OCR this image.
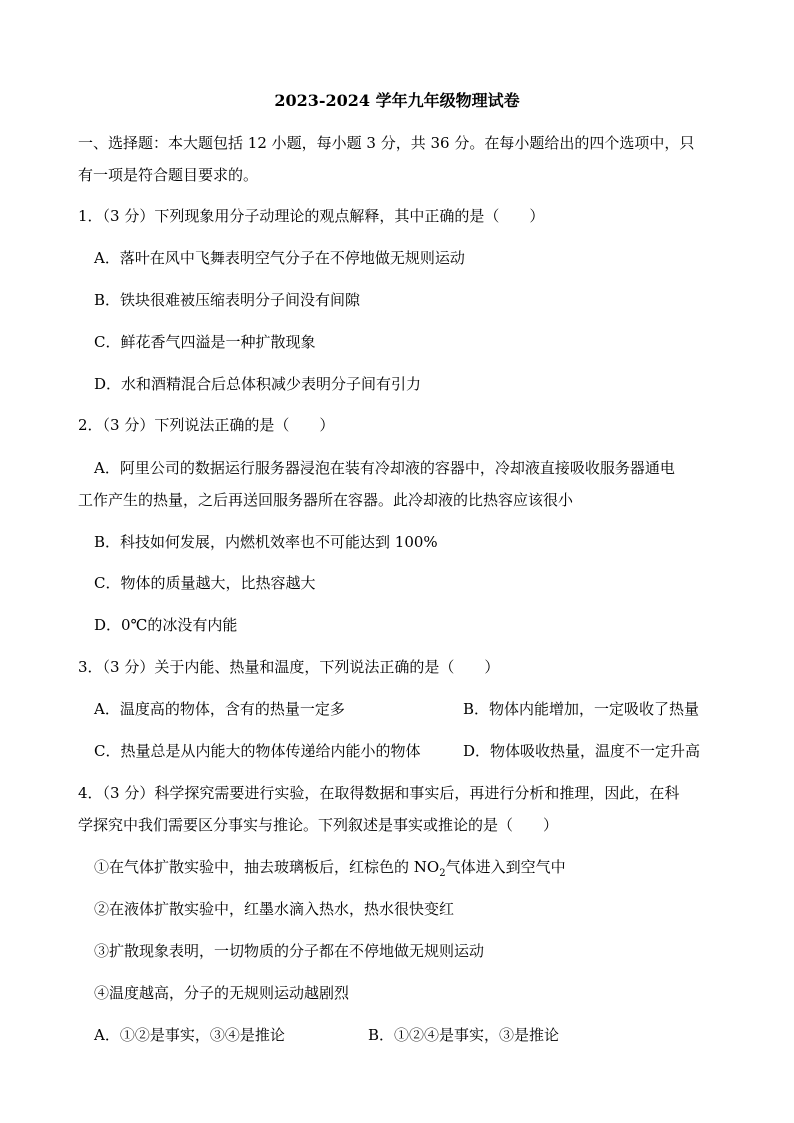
2023-2024 学年九年级物理试卷
一、选择题：本大题包括 12 小题，每小题 3 分，共 36 分。在每小题给出的四个选项中，只
有一项是符合题目要求的。
1．（3 分）下列现象用分子动理论的观点解释，其中正确的是（　　）
A．落叶在风中飞舞表明空气分子在不停地做无规则运动
B．铁块很难被压缩表明分子间没有间隙
C．鲜花香气四溢是一种扩散现象
D．水和酒精混合后总体积减少表明分子间有引力
2．（3 分）下列说法正确的是（　　）
A．阿里公司的数据运行服务器浸泡在装有冷却液的容器中，冷却液直接吸收服务器通电
工作产生的热量，之后再送回服务器所在容器。此冷却液的比热容应该很小
B．科技如何发展，内燃机效率也不可能达到 100%
C．物体的质量越大，比热容越大
D．0℃的冰没有内能
3．（3 分）关于内能、热量和温度，下列说法正确的是（　　）
A．温度高的物体，含有的热量一定多	B．物体内能增加，一定吸收了热量
C．热量总是从内能大的物体传递给内能小的物体	D．物体吸收热量，温度不一定升高
4．（3 分）科学探究需要进行实验，在取得数据和事实后，再进行分析和推理，因此，在科
学探究中我们需要区分事实与推论。下列叙述是事实或推论的是（　　）
①在气体扩散实验中，抽去玻璃板后，红棕色的 $NO_2$气体进入到空气中
②在液体扩散实验中，红墨水滴入热水，热水很快变红
③扩散现象表明，一切物质的分子都在不停地做无规则运动
④温度越高，分子的无规则运动越剧烈
A．①②是事实，③④是推论	B．①②④是事实，③是推论
